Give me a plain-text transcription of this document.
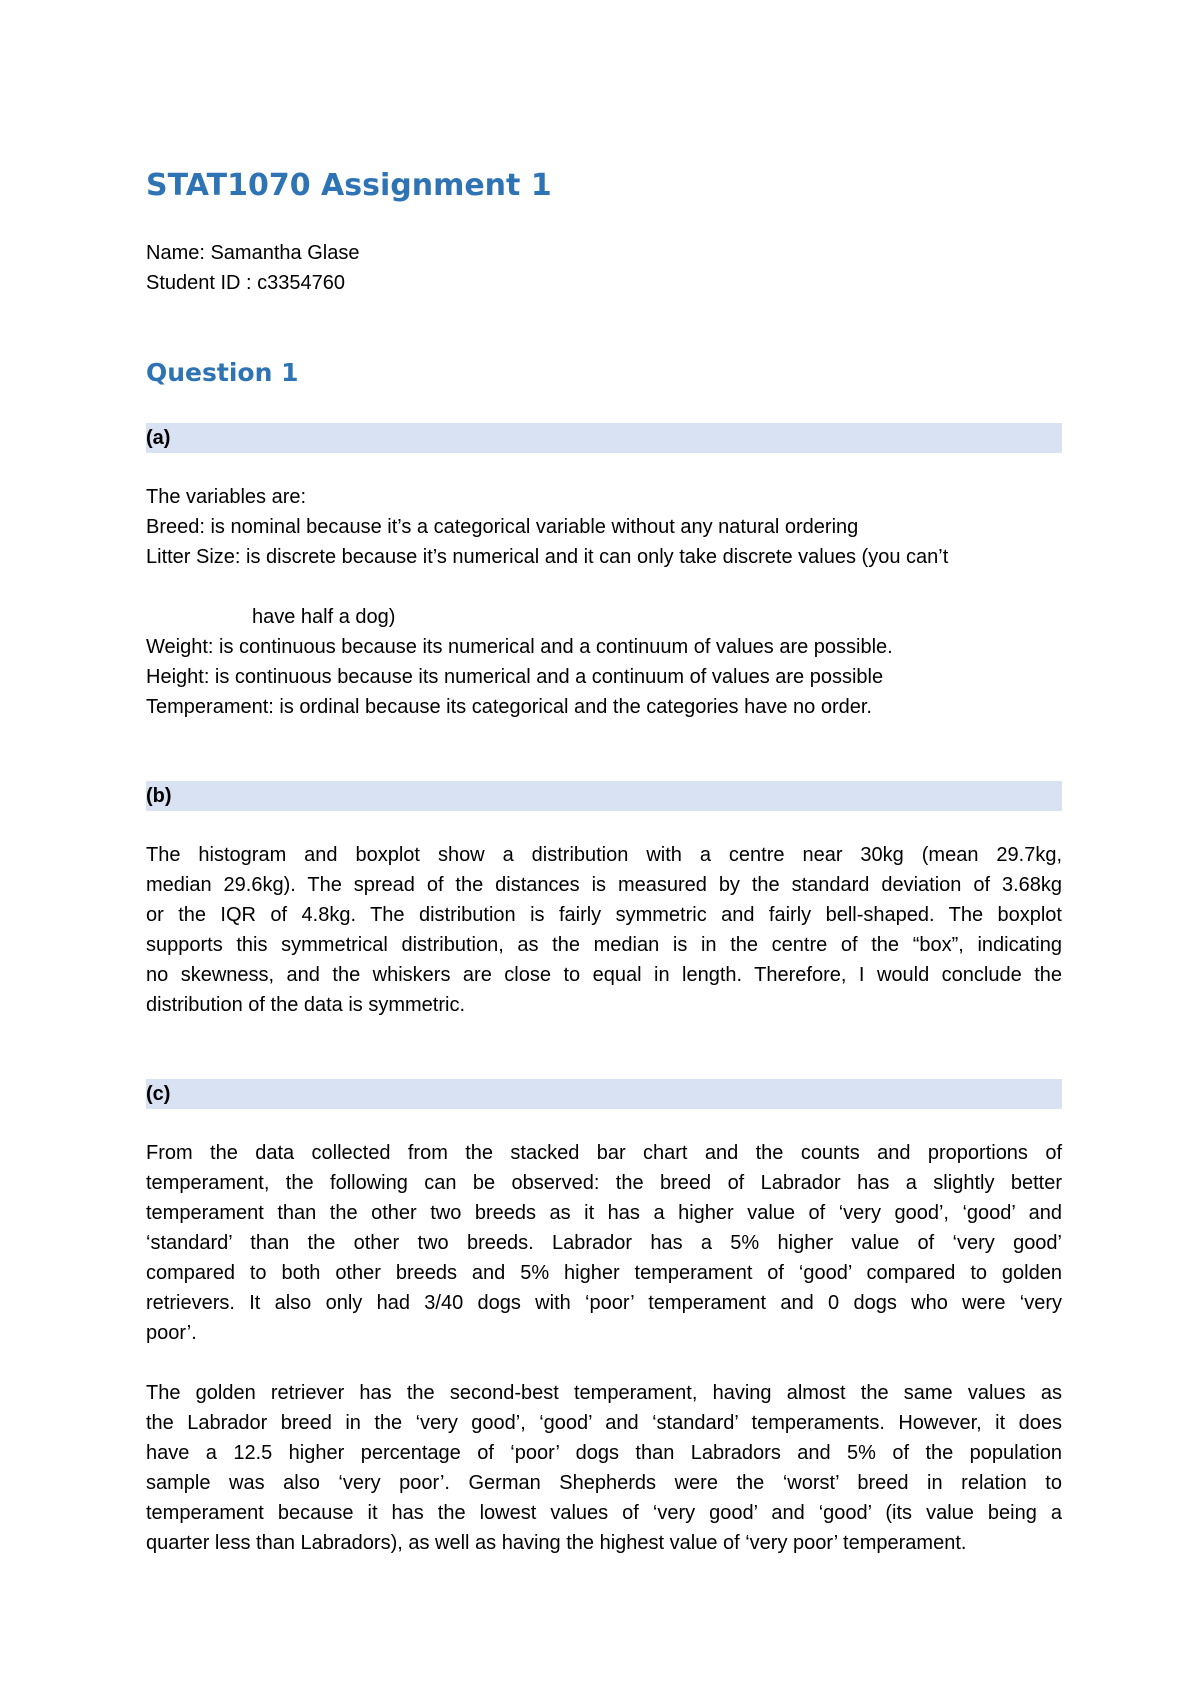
STAT1070 Assignment 1
Name: Samantha Glase
Student ID : c3354760
Question 1
(a)
The variables are:
Breed: is nominal because it’s a categorical variable without any natural ordering
Litter Size: is discrete because it’s numerical and it can only take discrete values (you can’t
have half a dog)
Weight: is continuous because its numerical and a continuum of values are possible.
Height: is continuous because its numerical and a continuum of values are possible
Temperament: is ordinal because its categorical and the categories have no order.
(b)
The histogram and boxplot show a distribution with a centre near 30kg (mean 29.7kg,
median 29.6kg). The spread of the distances is measured by the standard deviation of 3.68kg
or the IQR of 4.8kg. The distribution is fairly symmetric and fairly bell-shaped. The boxplot
supports this symmetrical distribution, as the median is in the centre of the “box”, indicating
no skewness, and the whiskers are close to equal in length. Therefore, I would conclude the
distribution of the data is symmetric.
(c)
From the data collected from the stacked bar chart and the counts and proportions of
temperament, the following can be observed: the breed of Labrador has a slightly better
temperament than the other two breeds as it has a higher value of ‘very good’, ‘good’ and
‘standard’ than the other two breeds. Labrador has a 5% higher value of ‘very good’
compared to both other breeds and 5% higher temperament of ‘good’ compared to golden
retrievers. It also only had 3/40 dogs with ‘poor’ temperament and 0 dogs who were ‘very
poor’.
The golden retriever has the second-best temperament, having almost the same values as
the Labrador breed in the ‘very good’, ‘good’ and ‘standard’ temperaments. However, it does
have a 12.5 higher percentage of ‘poor’ dogs than Labradors and 5% of the population
sample was also ‘very poor’. German Shepherds were the ‘worst’ breed in relation to
temperament because it has the lowest values of ‘very good’ and ‘good’ (its value being a
quarter less than Labradors), as well as having the highest value of ‘very poor’ temperament.
